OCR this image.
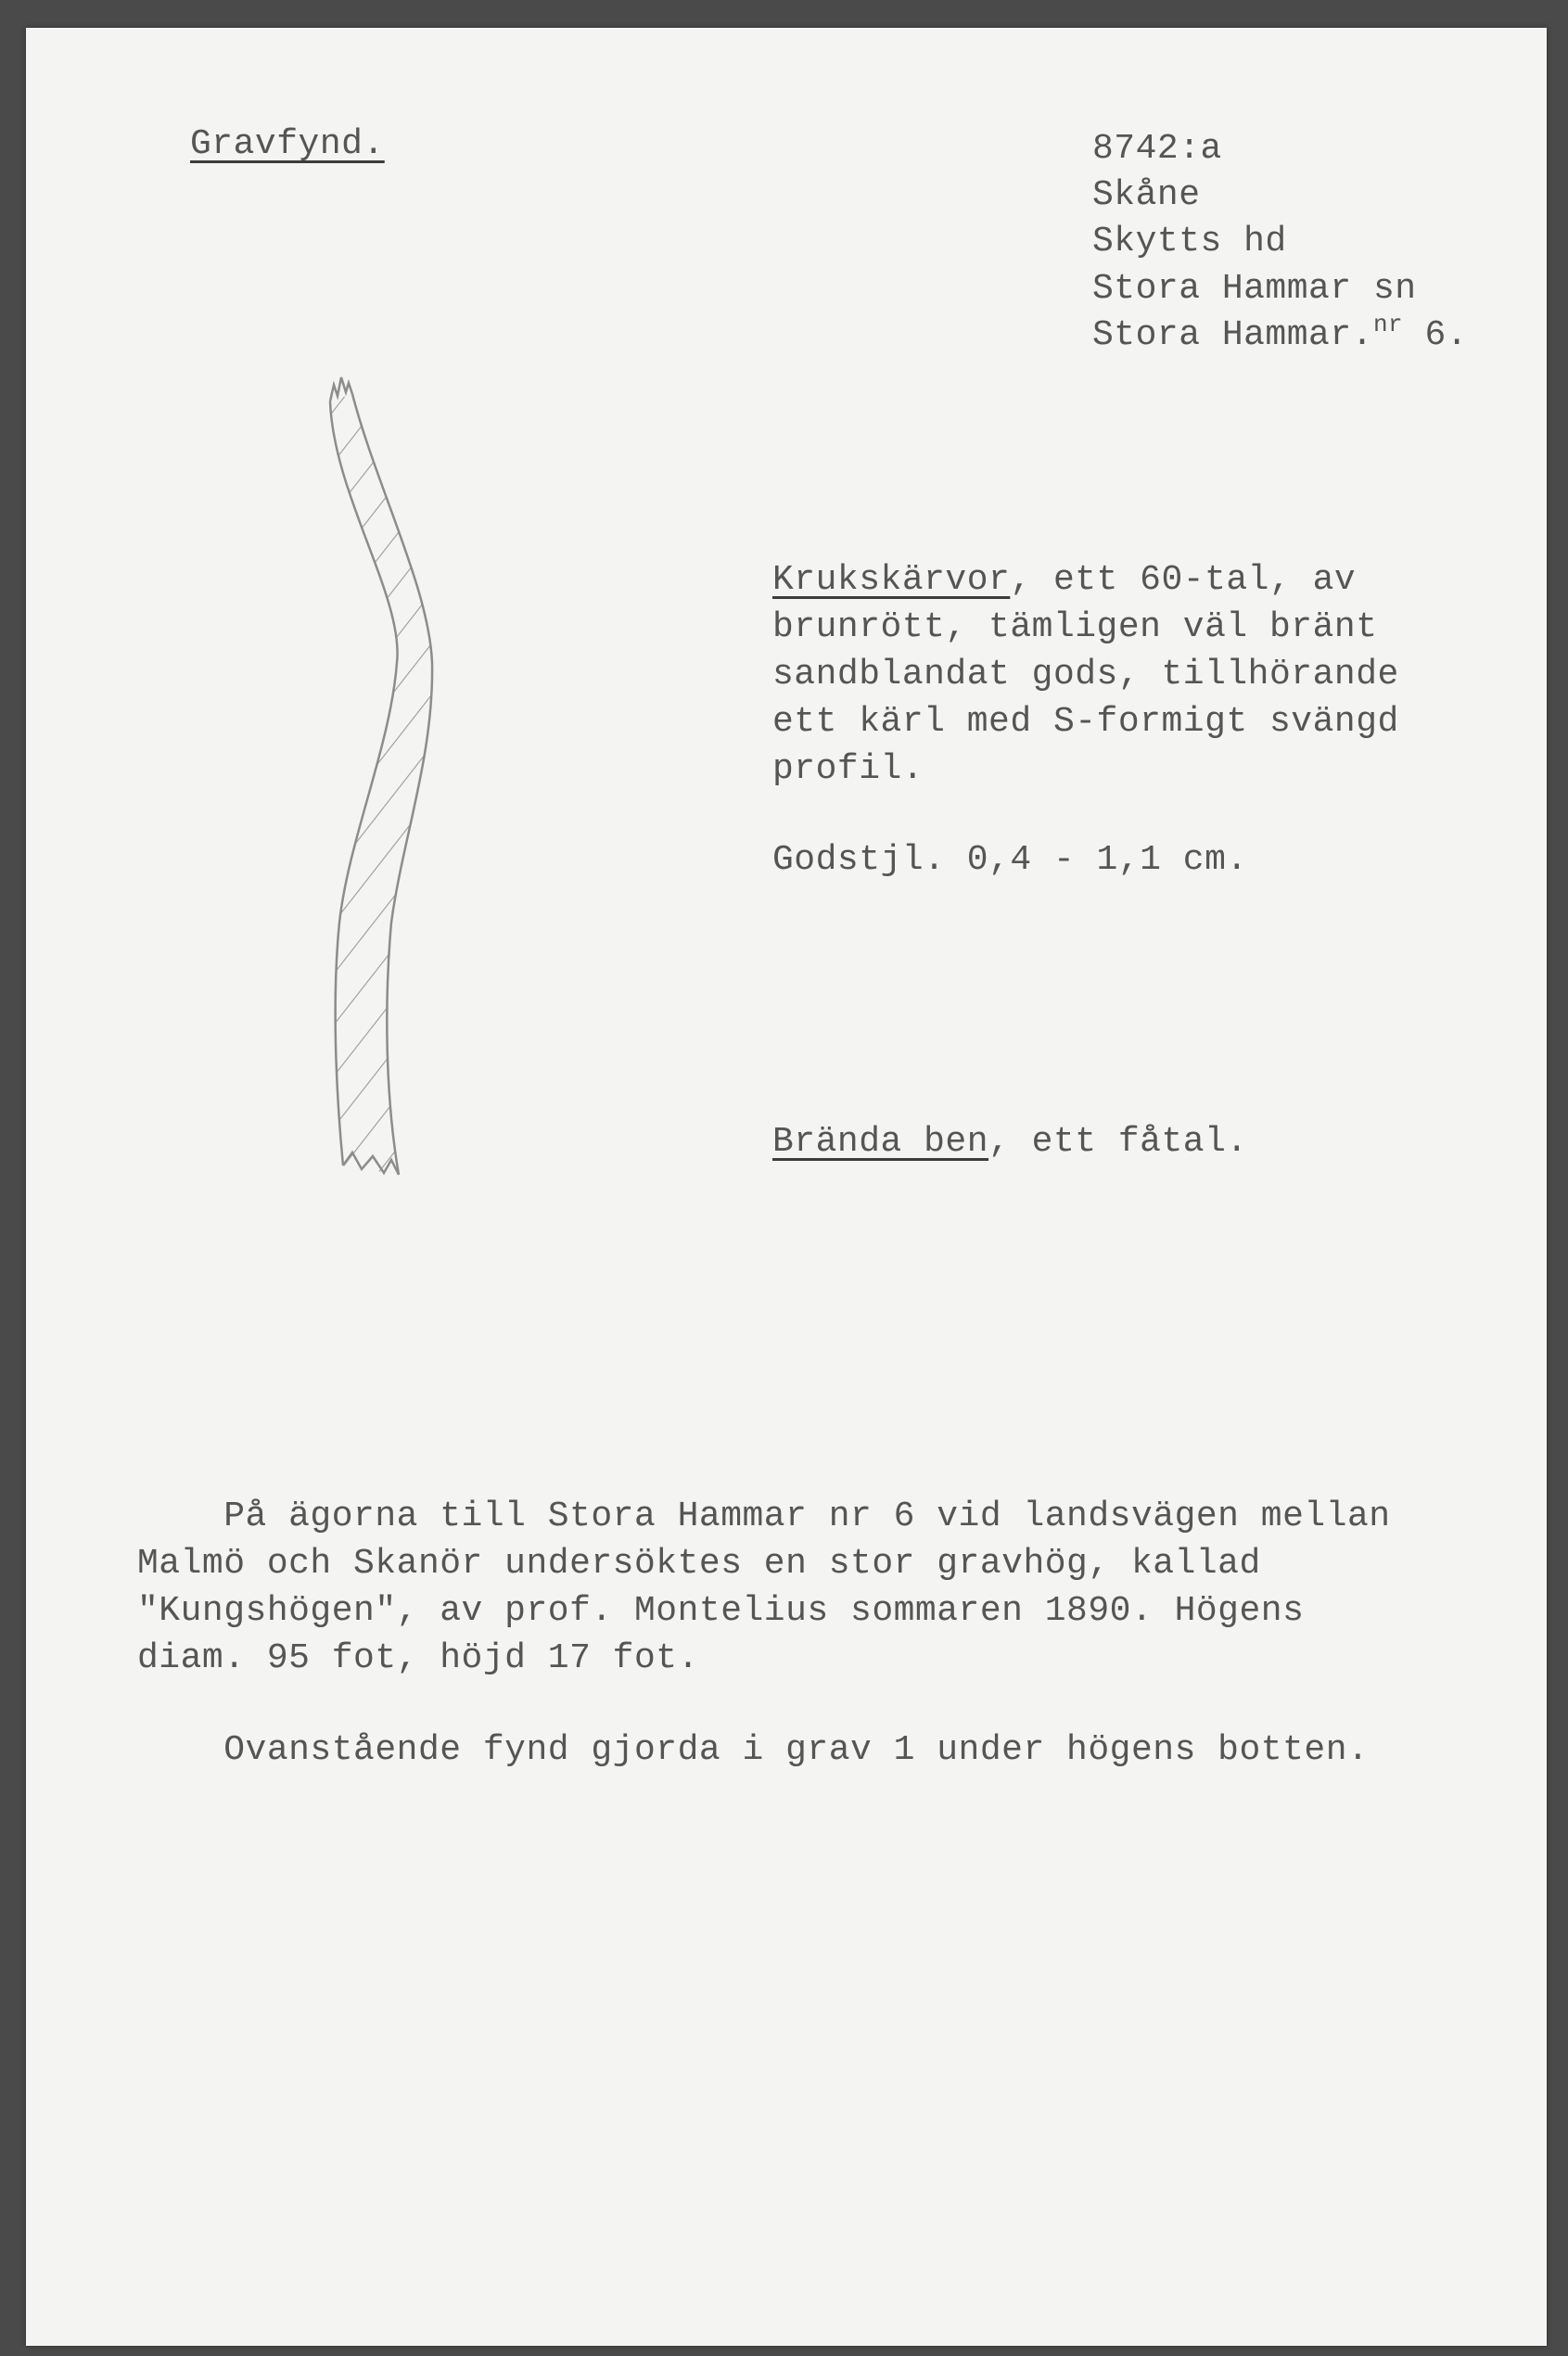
Gravfynd.	8742:a
Skåne
Skytts hd
Stora Hammar sn
Stora Hammar.$^{nr}$ 6.
Krukskärvor, ett 60-tal, av
brunrött, tämligen väl bränt
sandblandat gods, tillhörande
ett kärl med S-formigt svängd
profil.
Godstjl. 0,4 - 1,1 cm.
Brända ben, ett fåtal.
På ägorna till Stora Hammar nr 6 vid landsvägen mellan
Malmö och Skanör undersöktes en stor gravhög, kallad
"Kungshögen", av prof. Montelius sommaren 1890. Högens
diam. 95 fot, höjd 17 fot.
Ovanstående fynd gjorda i grav 1 under högens botten.
